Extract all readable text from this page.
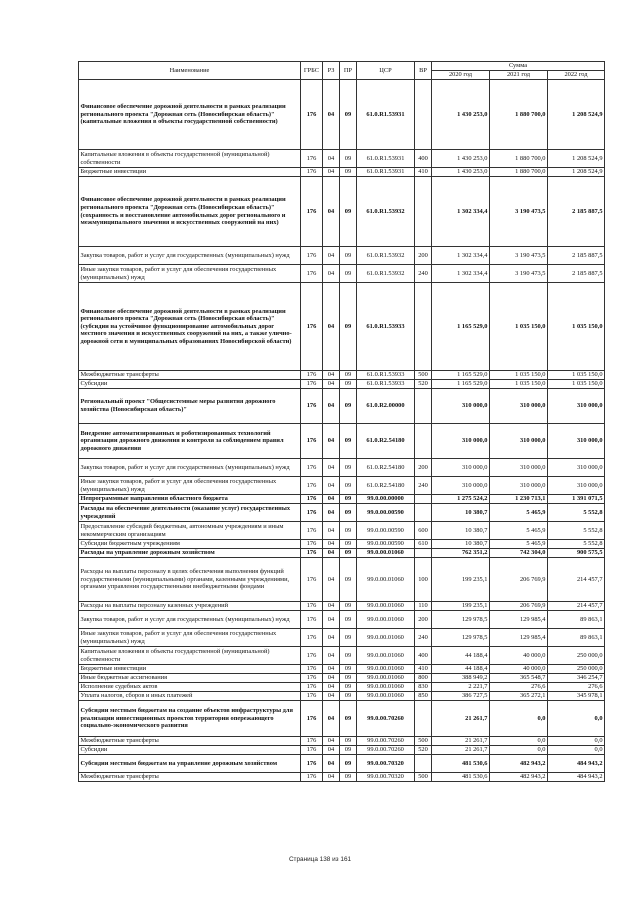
Наименование	ГРБС	РЗ	ПР	ЦСР	ВР	Сумма		
						2020 год	2021 год	2022 год
Финансовое обеспечение дорожной деятельности в рамках реализации регионального проекта "Дорожная сеть (Новосибирская область)" (капитальные вложения в объекты государственной собственности)	176	04	09	61.0.R1.53931		1 430 253,0	1 880 700,0	1 208 524,9
Капитальные вложения в объекты государственной (муниципальной) собственности	176	04	09	61.0.R1.53931	400	1 430 253,0	1 880 700,0	1 208 524,9
Бюджетные инвестиции	176	04	09	61.0.R1.53931	410	1 430 253,0	1 880 700,0	1 208 524,9
Финансовое обеспечение дорожной деятельности в рамках реализации регионального проекта "Дорожная сеть (Новосибирская область)" (сохранность и восстановление автомобильных дорог регионального и межмуниципального значения и искусственных сооружений на них)	176	04	09	61.0.R1.53932		1 302 334,4	3 190 473,5	2 185 887,5
Закупка товаров, работ и услуг для государственных (муниципальных) нужд	176	04	09	61.0.R1.53932	200	1 302 334,4	3 190 473,5	2 185 887,5
Иные закупки товаров, работ и услуг для обеспечения государственных (муниципальных) нужд	176	04	09	61.0.R1.53932	240	1 302 334,4	3 190 473,5	2 185 887,5
Финансовое обеспечение дорожной деятельности в рамках реализации регионального проекта "Дорожная сеть (Новосибирская область)" (субсидии на устойчивое функционирование автомобильных дорог местного значения и искусственных сооружений на них, а также улично-дорожной сети в муниципальных образованиях Новосибирской области)	176	04	09	61.0.R1.53933		1 165 529,0	1 035 150,0	1 035 150,0
Межбюджетные трансферты	176	04	09	61.0.R1.53933	500	1 165 529,0	1 035 150,0	1 035 150,0
Субсидии	176	04	09	61.0.R1.53933	520	1 165 529,0	1 035 150,0	1 035 150,0
Региональный проект "Общесистемные меры развития дорожного хозяйства (Новосибирская область)"	176	04	09	61.0.R2.00000		310 000,0	310 000,0	310 000,0
Внедрение автоматизированных и роботизированных технологий организации дорожного движения и контроля за соблюдением правил дорожного движения	176	04	09	61.0.R2.54180		310 000,0	310 000,0	310 000,0
Закупка товаров, работ и услуг для государственных (муниципальных) нужд	176	04	09	61.0.R2.54180	200	310 000,0	310 000,0	310 000,0
Иные закупки товаров, работ и услуг для обеспечения государственных (муниципальных) нужд	176	04	09	61.0.R2.54180	240	310 000,0	310 000,0	310 000,0
Непрограммные направления областного бюджета	176	04	09	99.0.00.00000		1 275 524,2	1 230 713,1	1 391 071,5
Расходы на обеспечение деятельности (оказание услуг) государственных учреждений	176	04	09	99.0.00.00590		10 380,7	5 465,9	5 552,8
Предоставление субсидий бюджетным, автономным учреждениям и иным некоммерческим организациям	176	04	09	99.0.00.00590	600	10 380,7	5 465,9	5 552,8
Субсидии бюджетным учреждениям	176	04	09	99.0.00.00590	610	10 380,7	5 465,9	5 552,8
Расходы на управление дорожным хозяйством	176	04	09	99.0.00.01060		762 351,2	742 304,0	900 575,5
Расходы на выплаты персоналу в целях обеспечения выполнения функций государственными (муниципальными) органами, казенными учреждениями, органами управления государственными внебюджетными фондами	176	04	09	99.0.00.01060	100	199 235,1	206 769,9	214 457,7
Расходы на выплаты персоналу казенных учреждений	176	04	09	99.0.00.01060	110	199 235,1	206 769,9	214 457,7
Закупка товаров, работ и услуг для государственных (муниципальных) нужд	176	04	09	99.0.00.01060	200	129 978,5	129 985,4	89 863,1
Иные закупки товаров, работ и услуг для обеспечения государственных (муниципальных) нужд	176	04	09	99.0.00.01060	240	129 978,5	129 985,4	89 863,1
Капитальные вложения в объекты государственной (муниципальной) собственности	176	04	09	99.0.00.01060	400	44 188,4	40 000,0	250 000,0
Бюджетные инвестиции	176	04	09	99.0.00.01060	410	44 188,4	40 000,0	250 000,0
Иные бюджетные ассигнования	176	04	09	99.0.00.01060	800	388 949,2	365 548,7	346 254,7
Исполнение судебных актов	176	04	09	99.0.00.01060	830	2 221,7	276,6	276,6
Уплата налогов, сборов и иных платежей	176	04	09	99.0.00.01060	850	386 727,5	365 272,1	345 978,1
Субсидии местным бюджетам на создание объектов инфраструктуры для реализации инвестиционных проектов территории опережающего социально-экономического развития	176	04	09	99.0.00.70260		21 261,7	0,0	0,0
Межбюджетные трансферты	176	04	09	99.0.00.70260	500	21 261,7	0,0	0,0
Субсидии	176	04	09	99.0.00.70260	520	21 261,7	0,0	0,0
Субсидии местным бюджетам на управление дорожным хозяйством	176	04	09	99.0.00.70320		481 530,6	482 943,2	484 943,2
Межбюджетные трансферты	176	04	09	99.0.00.70320	500	481 530,6	482 943,2	484 943,2
Страница 138 из 161
